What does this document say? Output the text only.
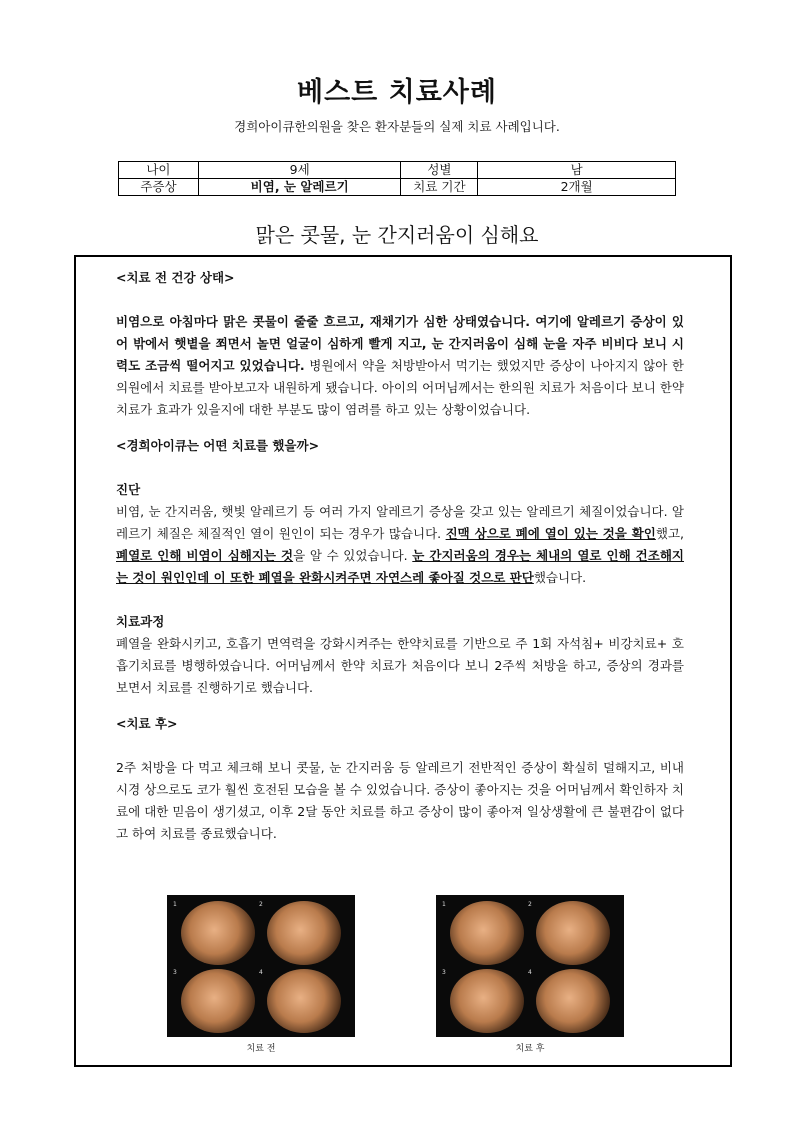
베스트 치료사례
경희아이큐한의원을 찾은 환자분들의 실제 치료 사례입니다.
나이	9세	성별	남
주증상	비염, 눈 알레르기	치료 기간	2개월
맑은 콧물, 눈 간지러움이 심해요

<치료 전 건강 상태>

비염으로 아침마다 맑은 콧물이 줄줄 흐르고, 재채기가 심한 상태였습니다. 여기에 알레르기 증상이 있어 밖에서 햇볕을 쬐면서 놀면 얼굴이 심하게 빨게 지고, 눈 간지러움이 심해 눈을 자주 비비다 보니 시력도 조금씩 떨어지고 있었습니다. 병원에서 약을 처방받아서 먹기는 했었지만 증상이 나아지지 않아 한의원에서 치료를 받아보고자 내원하게 됐습니다. 아이의 어머님께서는 한의원 치료가 처음이다 보니 한약 치료가 효과가 있을지에 대한 부분도 많이 염려를 하고 있는 상황이었습니다.

<경희아이큐는 어떤 치료를 했을까>

진단

비염, 눈 간지러움, 햇빛 알레르기 등 여러 가지 알레르기 증상을 갖고 있는 알레르기 체질이었습니다. 알레르기 체질은 체질적인 열이 원인이 되는 경우가 많습니다. 진맥 상으로 폐에 열이 있는 것을 확인했고, 폐열로 인해 비염이 심해지는 것을 알 수 있었습니다. 눈 간지러움의 경우는 체내의 열로 인해 건조해지는 것이 원인인데 이 또한 폐열을 완화시켜주면 자연스레 좋아질 것으로 판단했습니다.

치료과정

폐열을 완화시키고, 호흡기 면역력을 강화시켜주는 한약치료를 기반으로 주 1회 자석침+ 비강치료+ 호흡기치료를 병행하였습니다. 어머님께서 한약 치료가 처음이다 보니 2주씩 처방을 하고, 증상의 경과를 보면서 치료를 진행하기로 했습니다.

<치료 후>

2주 처방을 다 먹고 체크해 보니 콧물, 눈 간지러움 등 알레르기 전반적인 증상이 확실히 덜해지고, 비내시경 상으로도 코가 훨씬 호전된 모습을 볼 수 있었습니다. 증상이 좋아지는 것을 어머님께서 확인하자 치료에 대한 믿음이 생기셨고, 이후 2달 동안 치료를 하고 증상이 많이 좋아져 일상생활에 큰 불편감이 없다고 하여 치료를 종료했습니다.

1	2
3	4
치료 전
1	2
3	4
치료 후
